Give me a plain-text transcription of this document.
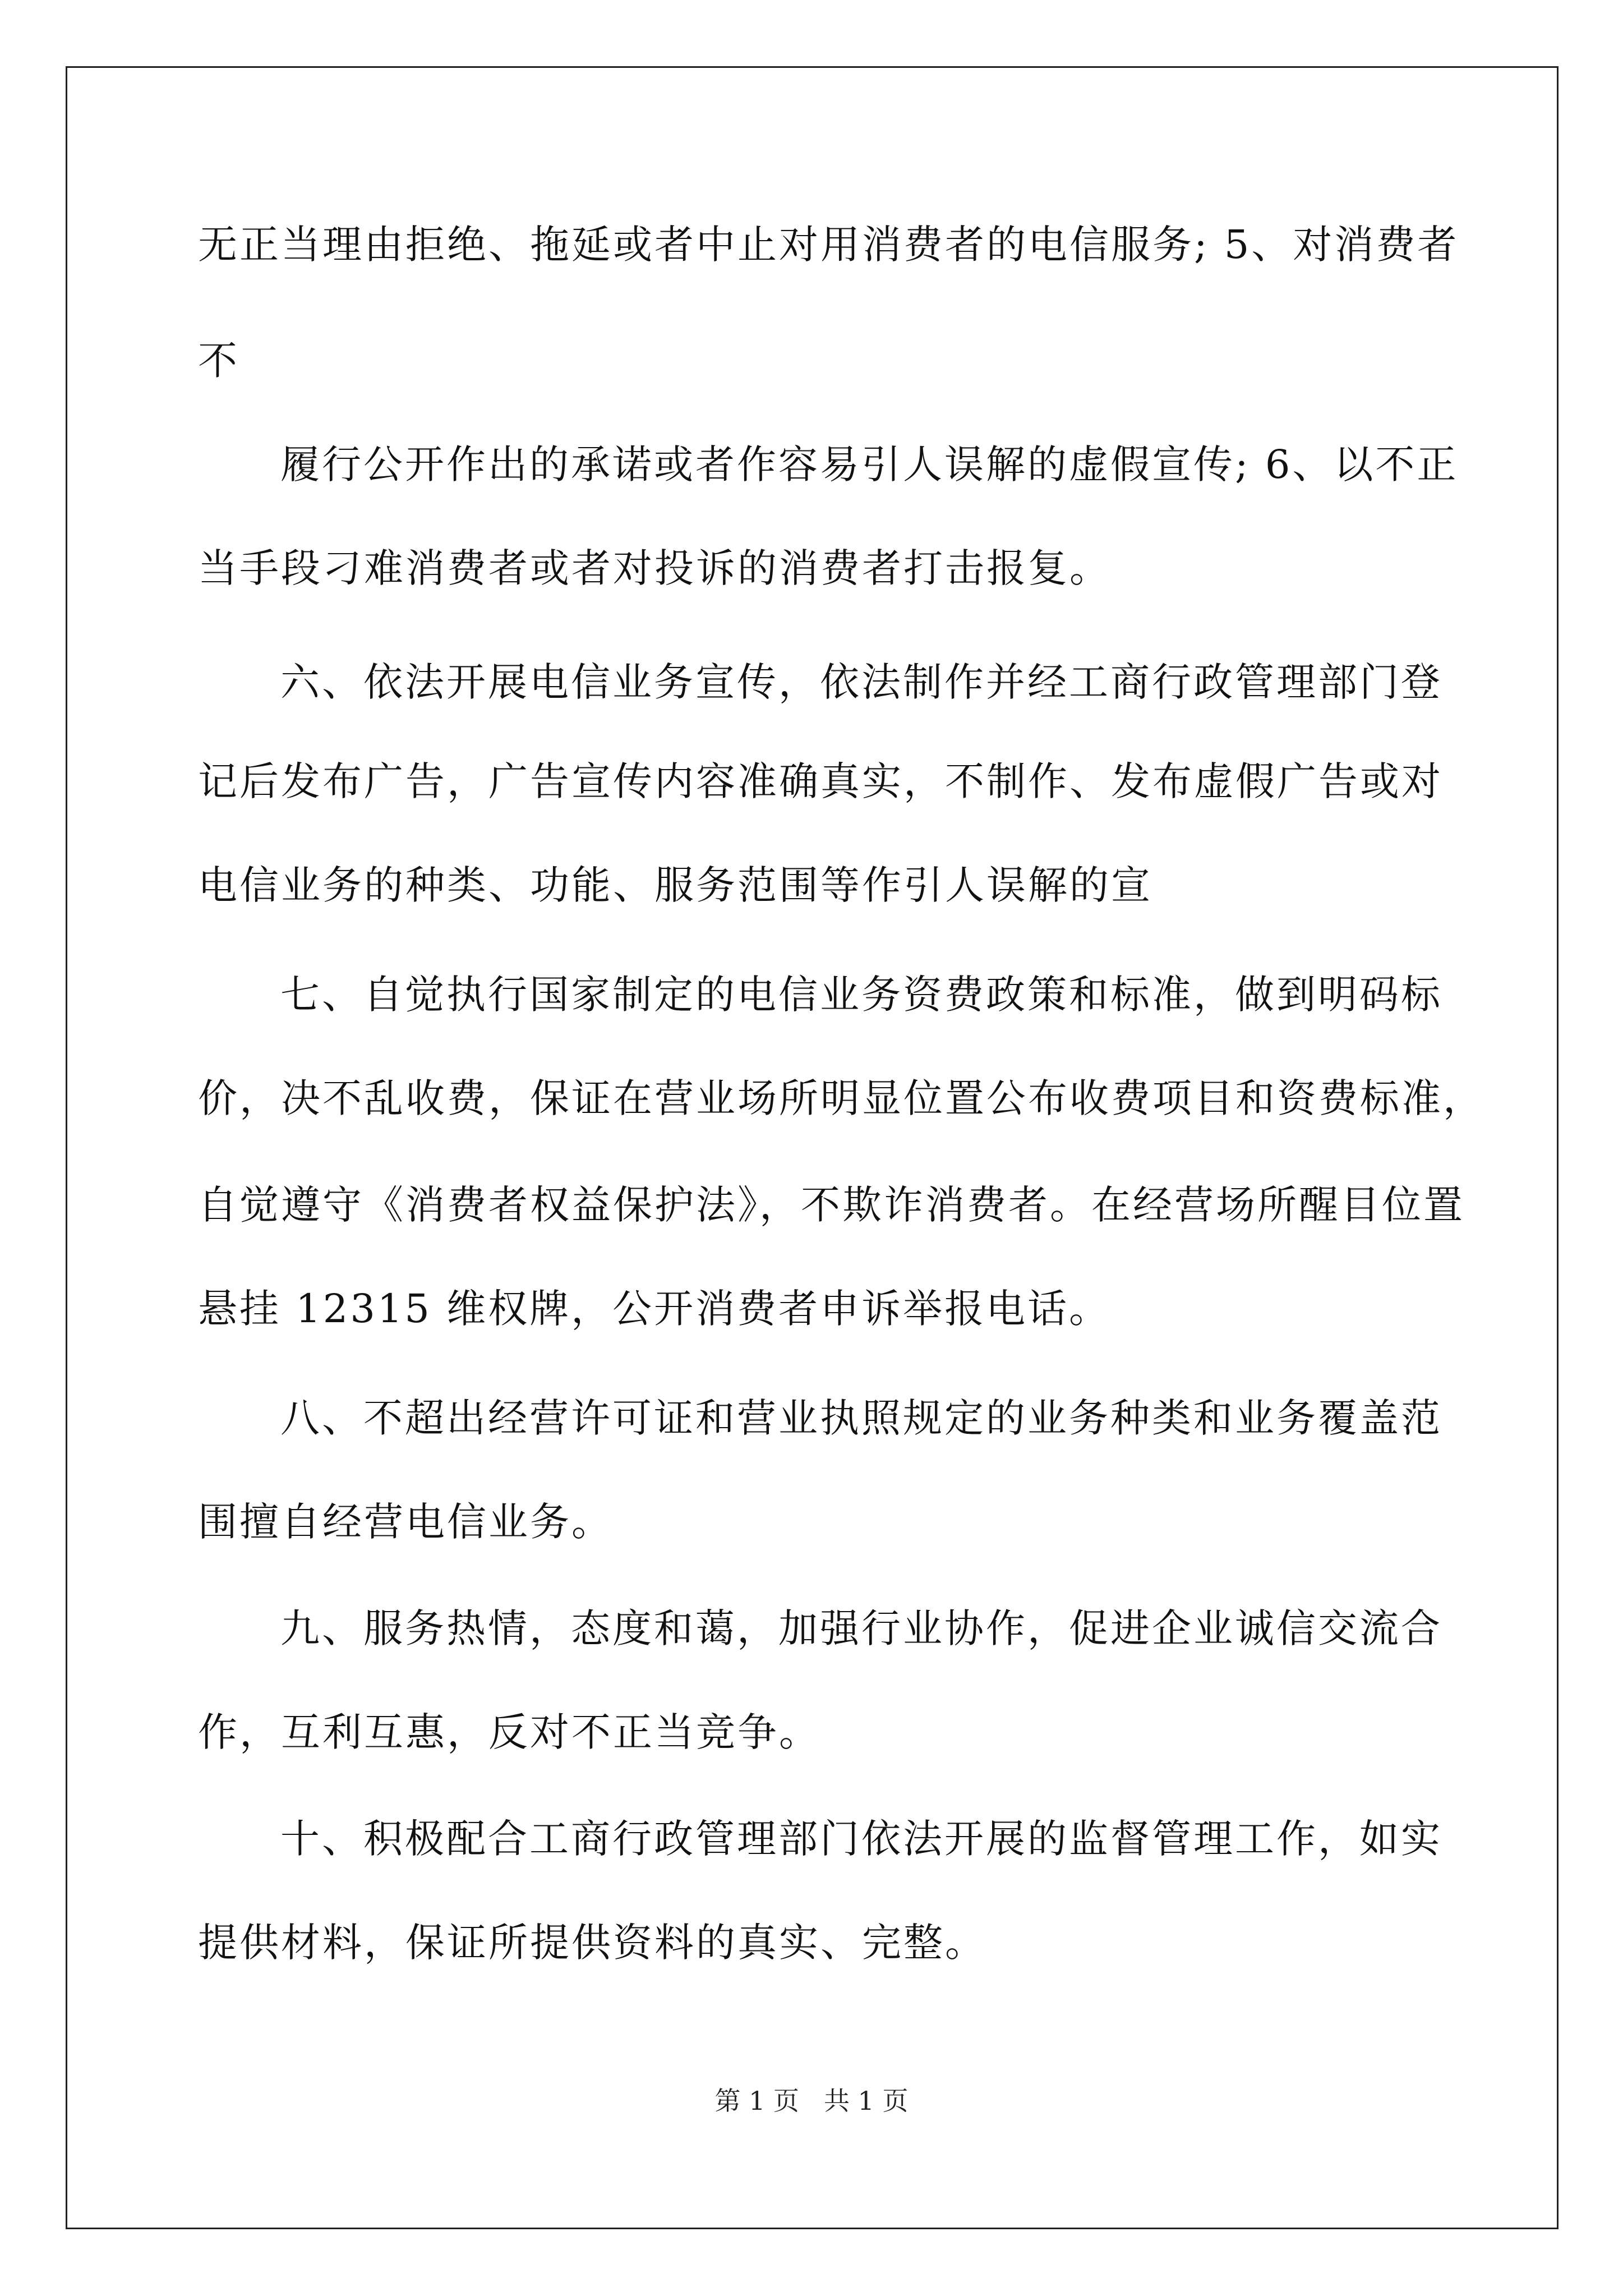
无正当理由拒绝、拖延或者中止对用消费者的电信服务; 5、对消费者
不
履行公开作出的承诺或者作容易引人误解的虚假宣传; 6、以不正
当手段刁难消费者或者对投诉的消费者打击报复。
六、依法开展电信业务宣传，依法制作并经工商行政管理部门登
记后发布广告，广告宣传内容准确真实，不制作、发布虚假广告或对
电信业务的种类、功能、服务范围等作引人误解的宣
七、自觉执行国家制定的电信业务资费政策和标准，做到明码标
价，决不乱收费，保证在营业场所明显位置公布收费项目和资费标准，
自觉遵守《消费者权益保护法》，不欺诈消费者。在经营场所醒目位置
悬挂 12315 维权牌，公开消费者申诉举报电话。
八、不超出经营许可证和营业执照规定的业务种类和业务覆盖范
围擅自经营电信业务。
九、服务热情，态度和蔼，加强行业协作，促进企业诚信交流合
作，互利互惠，反对不正当竞争。
十、积极配合工商行政管理部门依法开展的监督管理工作，如实
提供材料，保证所提供资料的真实、完整。
第 1 页 共 1 页
